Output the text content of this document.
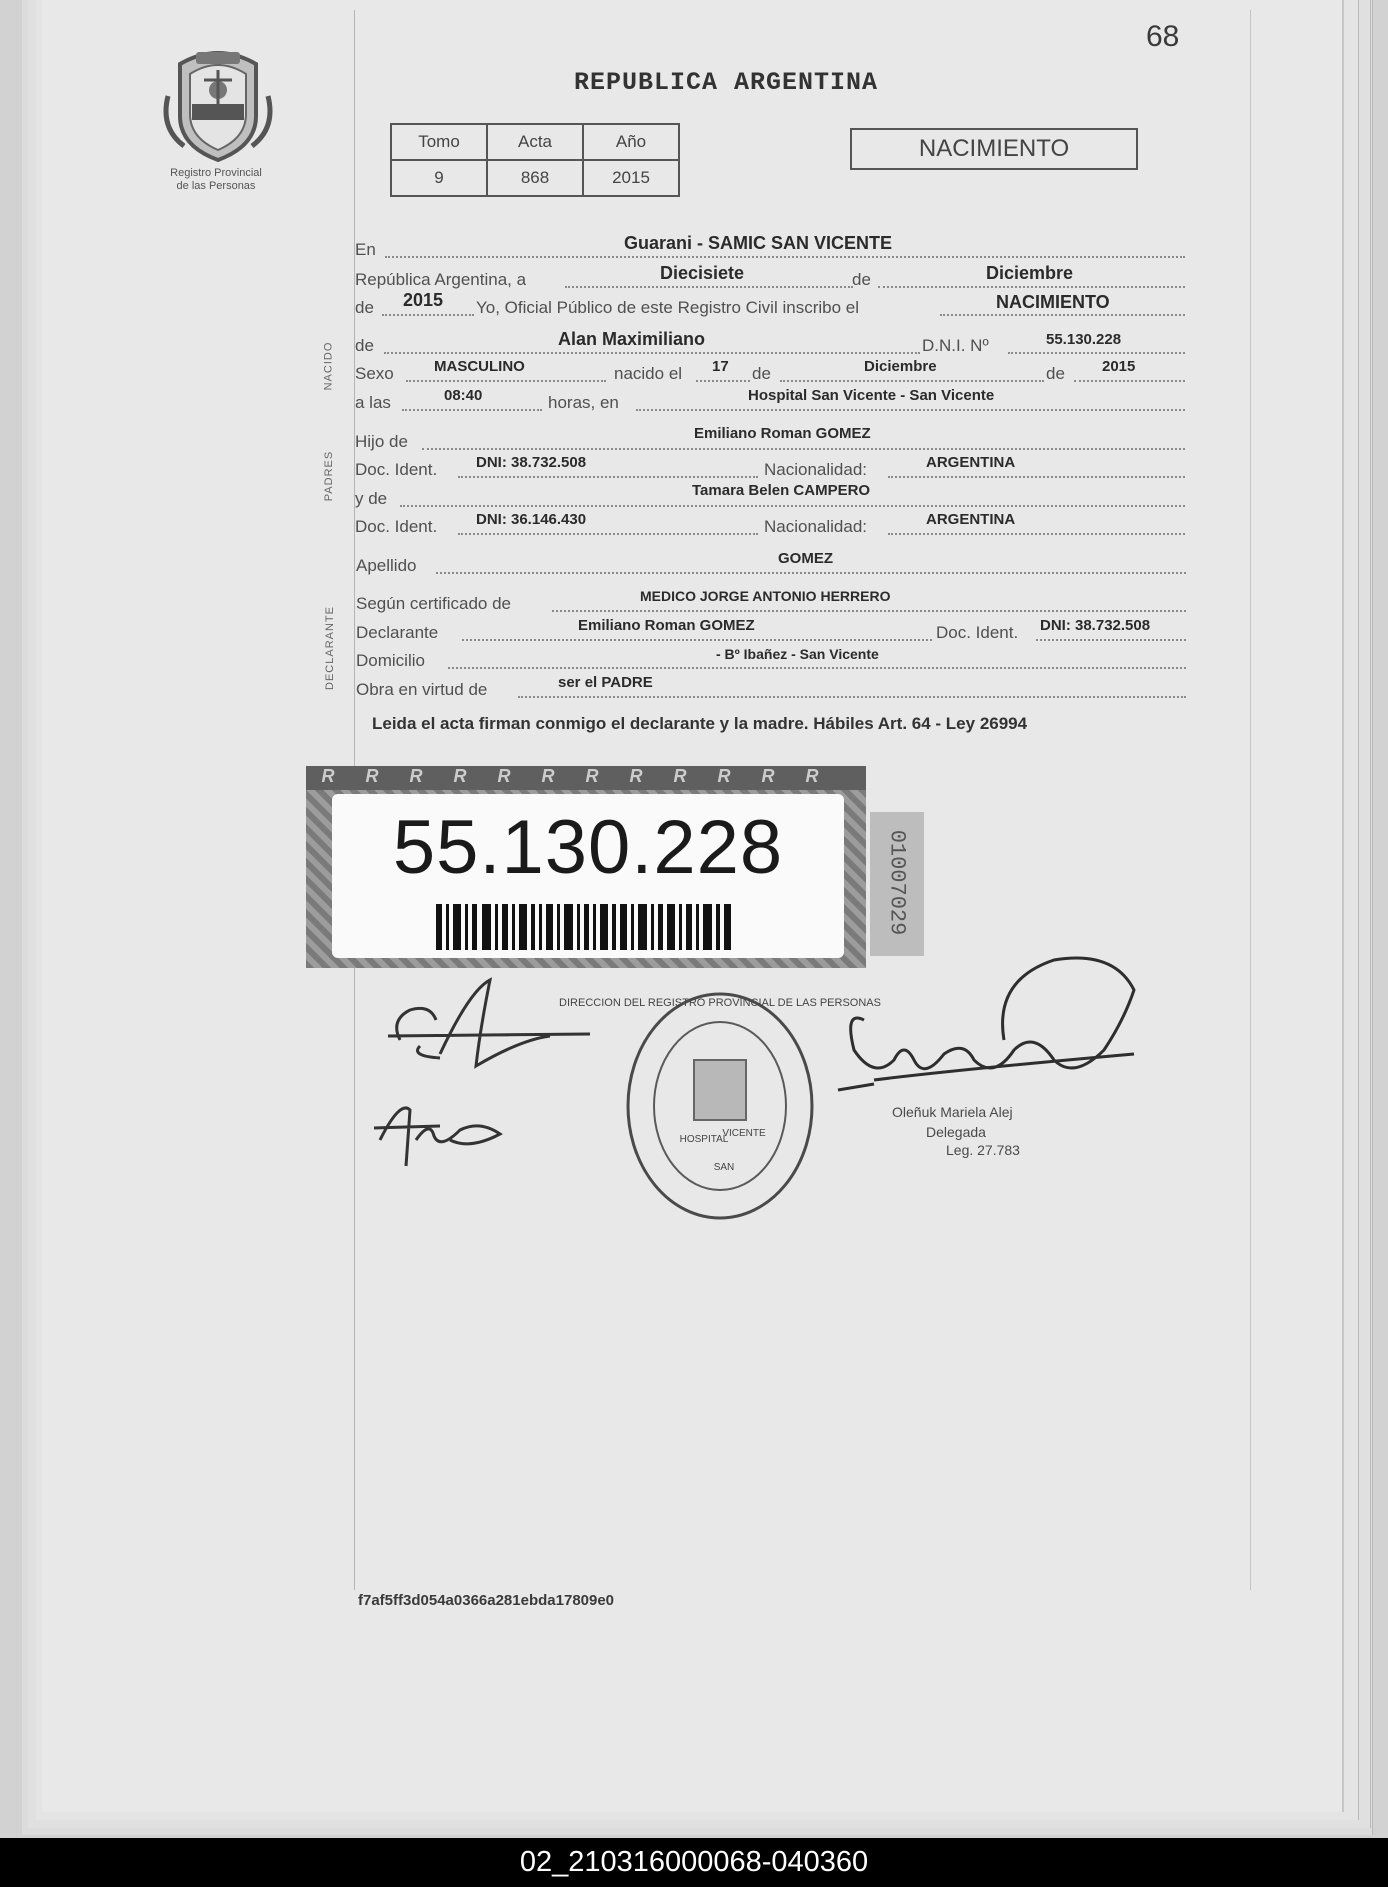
68
Registro Provincial
de las Personas
REPUBLICA ARGENTINA
Tomo	Acta	Año
9	868	2015
NACIMIENTO
NACIDO
PADRES
DECLARANTE
En	Guarani - SAMIC SAN VICENTE
República Argentina, a	Diecisiete	de	Diciembre
de 2015 Yo, Oficial Público de este Registro Civil inscribo el	NACIMIENTO
de	Alan Maximiliano	D.N.I. Nº	55.130.228
Sexo	MASCULINO	nacido el 17 de	Diciembre	de 2015
a las	08:40	horas, en	Hospital San Vicente - San Vicente
Hijo de	Emiliano Roman GOMEZ
Doc. Ident.	DNI: 38.732.508	Nacionalidad:	ARGENTINA
y de	Tamara Belen CAMPERO
Doc. Ident.	DNI: 36.146.430	Nacionalidad:	ARGENTINA
Apellido	GOMEZ
Según certificado de	MEDICO JORGE ANTONIO HERRERO
Declarante	Emiliano Roman GOMEZ	Doc. Ident. DNI: 38.732.508
Domicilio	- Bº Ibañez - San Vicente
Obra en virtud de	ser el PADRE
Leida el acta firman conmigo el declarante y la madre. Hábiles Art. 64 - Ley 26994
R R R R R R R R R R R R
55.130.228	01007029
DIRECCION DEL REGISTRO PROVINCIAL DE LAS PERSONAS
HOSPITAL
SAN
VICENTE
Oleñuk Mariela Alej
Delegada
Leg. 27.783
f7af5ff3d054a0366a281ebda17809e0
02_210316000068-040360
